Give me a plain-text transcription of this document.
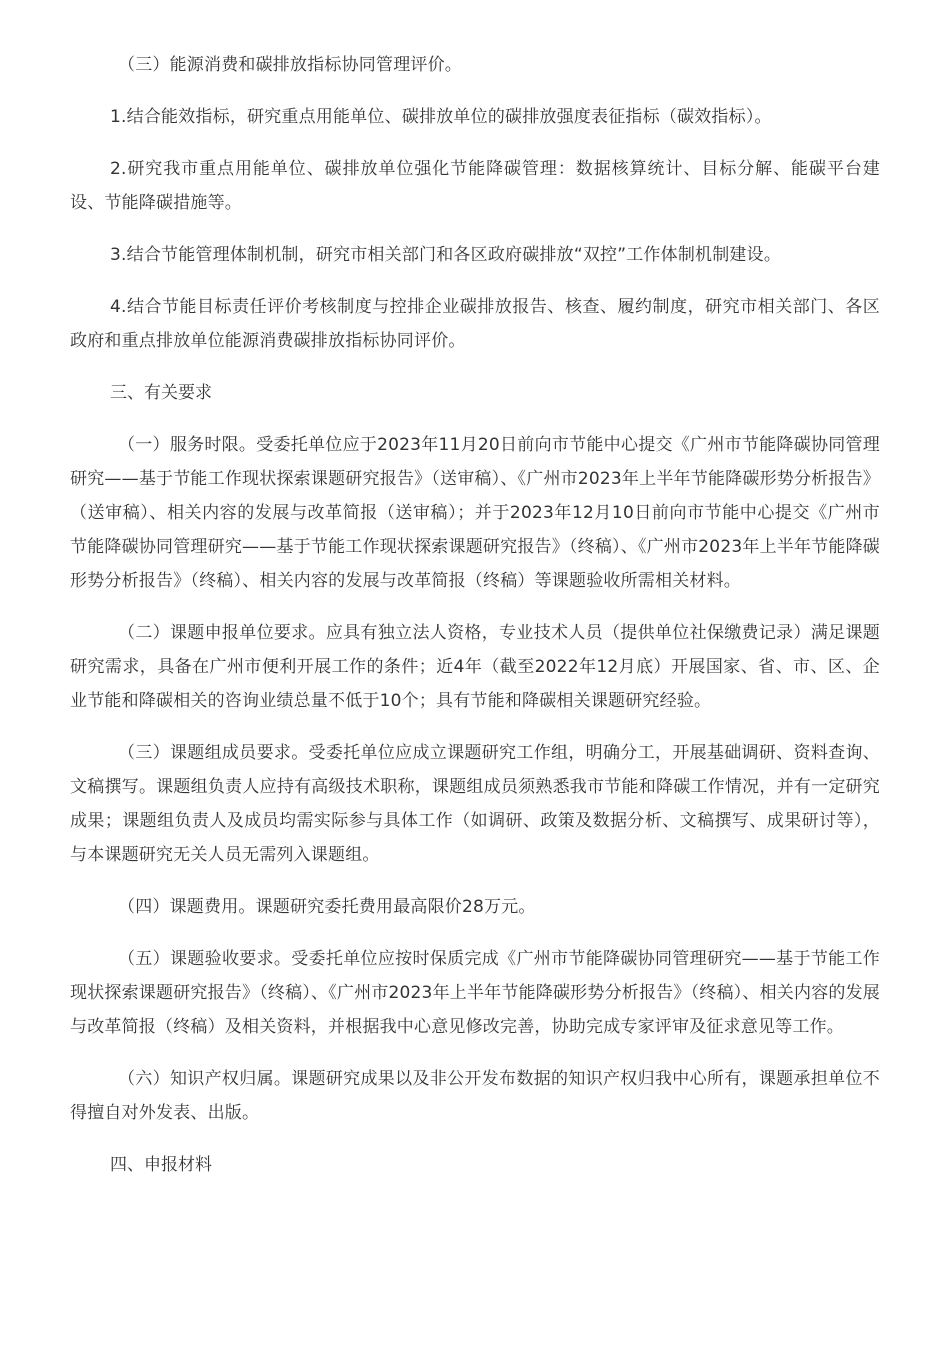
（三）能源消费和碳排放指标协同管理评价。

1.结合能效指标，研究重点用能单位、碳排放单位的碳排放强度表征指标（碳效指标）。

2.研究我市重点用能单位、碳排放单位强化节能降碳管理：数据核算统计、目标分解、能碳平台建设、节能降碳措施等。

3.结合节能管理体制机制，研究市相关部门和各区政府碳排放“双控”工作体制机制建设。

4.结合节能目标责任评价考核制度与控排企业碳排放报告、核查、履约制度，研究市相关部门、各区政府和重点排放单位能源消费碳排放指标协同评价。

三、有关要求

（一）服务时限。受委托单位应于2023年11月20日前向市节能中心提交《广州市节能降碳协同管理研究——基于节能工作现状探索课题研究报告》（送审稿）、《广州市2023年上半年节能降碳形势分析报告》（送审稿）、相关内容的发展与改革简报（送审稿）；并于2023年12月10日前向市节能中心提交《广州市节能降碳协同管理研究——基于节能工作现状探索课题研究报告》（终稿）、《广州市2023年上半年节能降碳形势分析报告》（终稿）、相关内容的发展与改革简报（终稿）等课题验收所需相关材料。

（二）课题申报单位要求。应具有独立法人资格，专业技术人员（提供单位社保缴费记录）满足课题研究需求，具备在广州市便利开展工作的条件；近4年（截至2022年12月底）开展国家、省、市、区、企业节能和降碳相关的咨询业绩总量不低于10个；具有节能和降碳相关课题研究经验。

（三）课题组成员要求。受委托单位应成立课题研究工作组，明确分工，开展基础调研、资料查询、文稿撰写。课题组负责人应持有高级技术职称，课题组成员须熟悉我市节能和降碳工作情况，并有一定研究成果；课题组负责人及成员均需实际参与具体工作（如调研、政策及数据分析、文稿撰写、成果研讨等），与本课题研究无关人员无需列入课题组。

（四）课题费用。课题研究委托费用最高限价28万元。

（五）课题验收要求。受委托单位应按时保质完成《广州市节能降碳协同管理研究——基于节能工作现状探索课题研究报告》（终稿）、《广州市2023年上半年节能降碳形势分析报告》（终稿）、相关内容的发展与改革简报（终稿）及相关资料，并根据我中心意见修改完善，协助完成专家评审及征求意见等工作。

（六）知识产权归属。课题研究成果以及非公开发布数据的知识产权归我中心所有，课题承担单位不得擅自对外发表、出版。

四、申报材料
